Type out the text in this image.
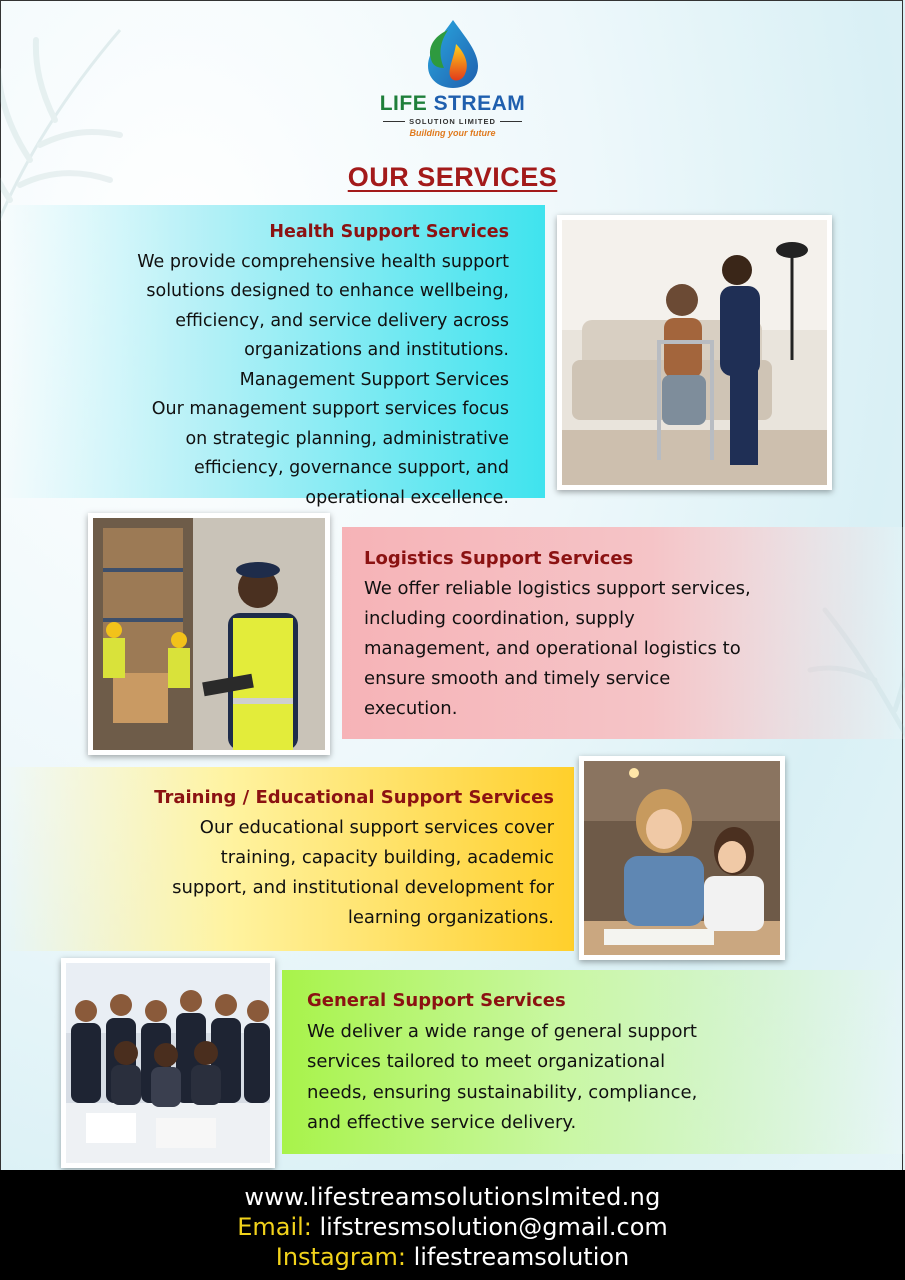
LIFE STREAM
SOLUTION LIMITED
Building your future
OUR SERVICES
Health Support Services
We provide comprehensive health support
solutions designed to enhance wellbeing,
efficiency, and service delivery across
organizations and institutions.
Management Support Services
Our management support services focus
on strategic planning, administrative
efficiency, governance support, and
operational excellence.
Logistics Support Services
We offer reliable logistics support services,
including coordination, supply
management, and operational logistics to
ensure smooth and timely service
execution.
Training / Educational Support Services
Our educational support services cover
training, capacity building, academic
support, and institutional development for
learning organizations.
General Support Services
We deliver a wide range of general support
services tailored to meet organizational
needs, ensuring sustainability, compliance,
and effective service delivery.
www.lifestreamsolutionslmited.ng
Email: lifstresmsolution@gmail.com
Instagram: lifestreamsolution
